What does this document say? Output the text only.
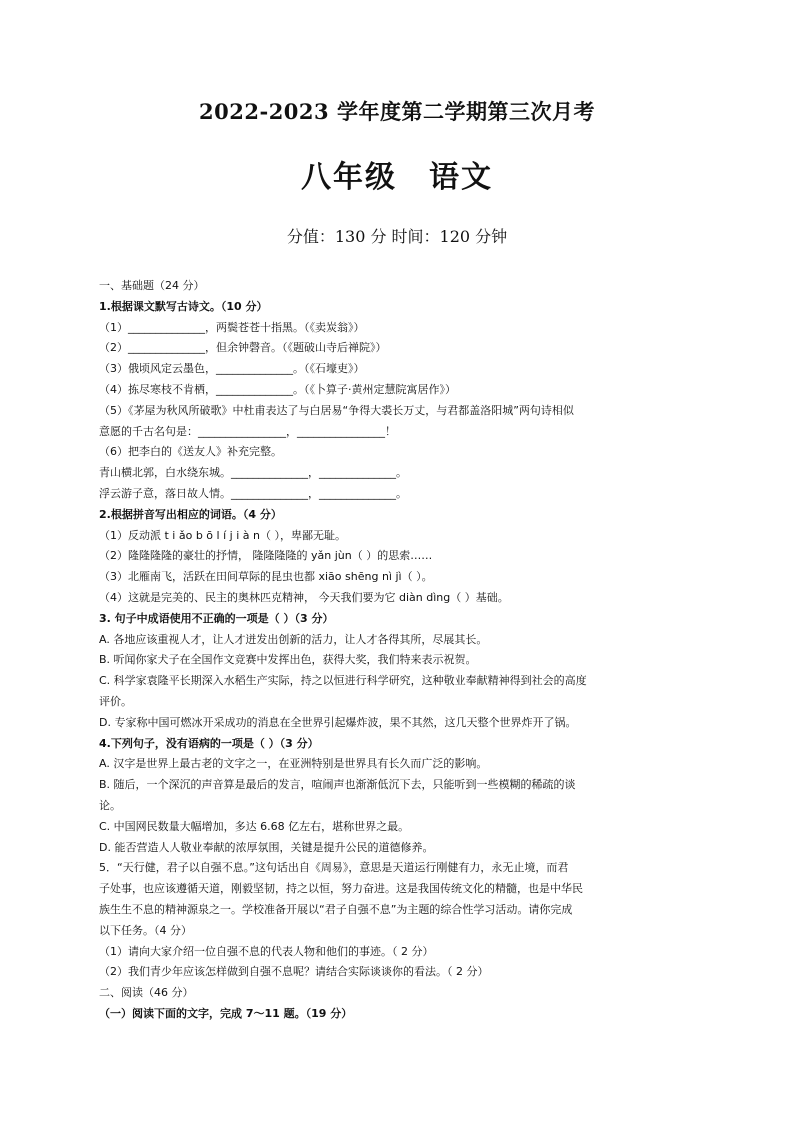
2022-2023 学年度第二学期第三次月考
八年级　语文
分值：130 分 时间：120 分钟
一、基础题（24 分）
1.根据课文默写古诗文。（10 分）
（1）______________，两鬓苍苍十指黑。（《卖炭翁》）
（2）______________，但余钟磬音。（《题破山寺后禅院》）
（3）俄顷风定云墨色，______________。（《石壕吏》）
（4）拣尽寒枝不肯栖，______________。（《卜算子·黄州定慧院寓居作》）
（5）《茅屋为秋风所破歌》中杜甫表达了与白居易“争得大裘长万丈，与君都盖洛阳城”两句诗相似
意愿的千古名句是：________________，________________！
（6）把李白的《送友人》补充完整。
青山横北郭，白水绕东城。______________，______________。
浮云游子意，落日故人情。______________，______________。
2.根据拼音写出相应的词语。（4 分）
（1）反动派 t i ǎo b ō l í j i à n（ ），卑鄙无耻。
（2）隆隆隆隆的豪壮的抒情， 隆隆隆隆的 yǎn jùn（ ）的思索……
（3）北雁南飞，活跃在田间草际的昆虫也都 xiāo shēng nì jì（ ）。
（4）这就是完美的、民主的奥林匹克精神， 今天我们要为它 diàn dìng（ ）基础。
3. 句子中成语使用不正确的一项是（ ）（3 分）
A. 各地应该重视人才，让人才迸发出创新的活力，让人才各得其所，尽展其长。
B. 听闻你家犬子在全国作文竞赛中发挥出色，获得大奖，我们特来表示祝贺。
C. 科学家袁隆平长期深入水稻生产实际，持之以恒进行科学研究，这种敬业奉献精神得到社会的高度
评价。
D. 专家称中国可燃冰开采成功的消息在全世界引起爆炸波，果不其然，这几天整个世界炸开了锅。
4.下列句子，没有语病的一项是（ ）（3 分）
A. 汉字是世界上最古老的文字之一，在亚洲特别是世界具有长久而广泛的影响。
B. 随后，一个深沉的声音算是最后的发言，喧闹声也渐渐低沉下去，只能听到一些模糊的稀疏的谈
论。
C. 中国网民数量大幅增加，多达 6.68 亿左右，堪称世界之最。
D. 能否营造人人敬业奉献的浓厚氛围，关键是提升公民的道德修养。
5．“天行健，君子以自强不息。”这句话出自《周易》，意思是天道运行刚健有力，永无止境，而君
子处事，也应该遵循天道，刚毅坚韧，持之以恒，努力奋进。这是我国传统文化的精髓，也是中华民
族生生不息的精神源泉之一。学校准备开展以“君子自强不息”为主题的综合性学习活动。请你完成
以下任务。（4 分）
（1）请向大家介绍一位自强不息的代表人物和他们的事迹。（ 2 分）
（2）我们青少年应该怎样做到自强不息呢？请结合实际谈谈你的看法。（ 2 分）
二、阅读（46 分）
（一）阅读下面的文字，完成 7～11 题。（19 分）
